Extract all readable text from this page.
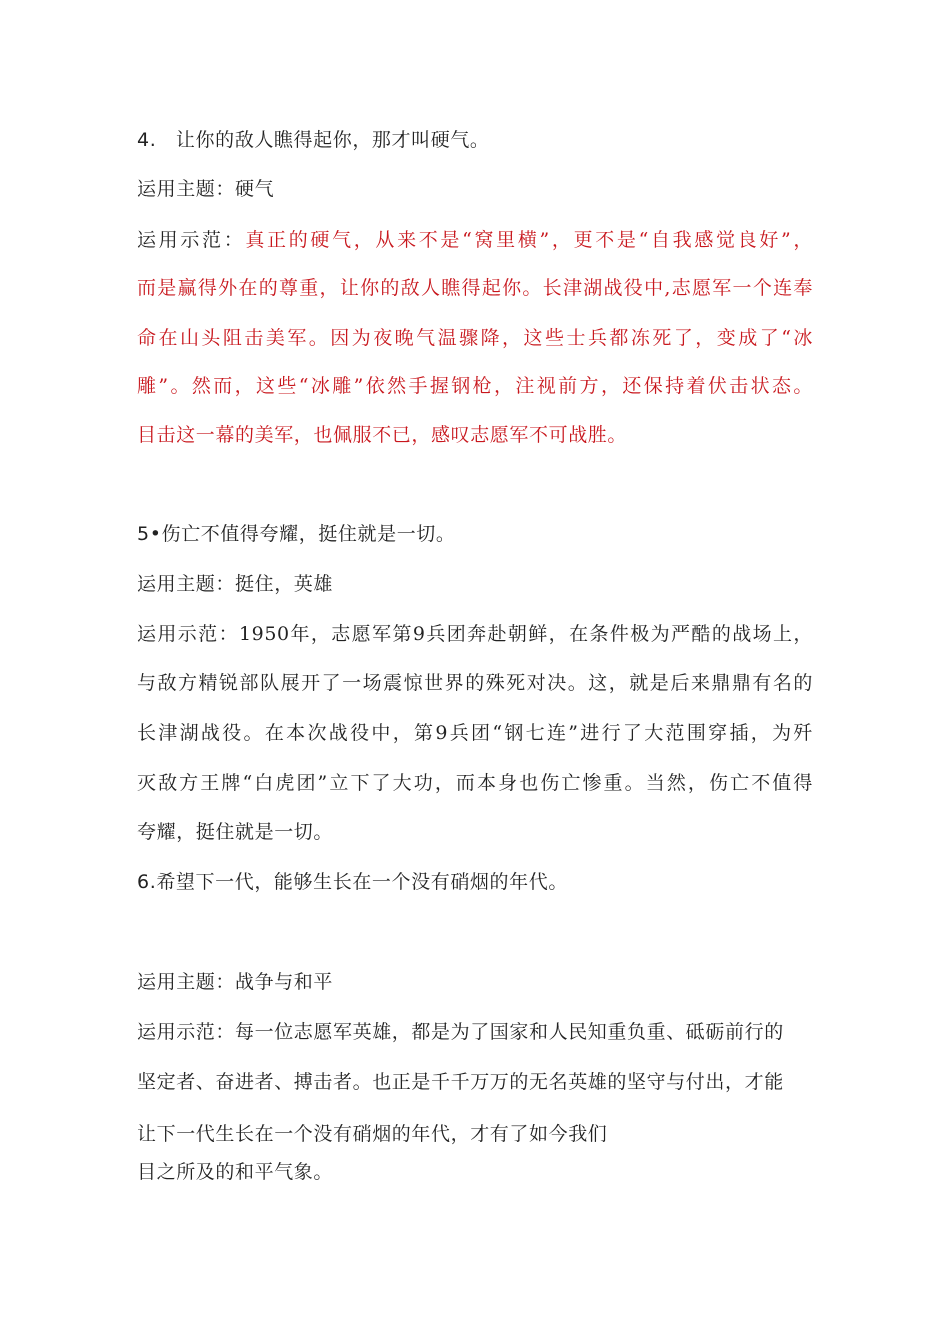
4.　让你的敌人瞧得起你，那才叫硬气。
运用主题：硬气
运用示范：真正的硬气，从来不是“窝里横”，更不是“自我感觉良好”，
而是赢得外在的尊重，让你的敌人瞧得起你。长津湖战役中,志愿军一个连奉
命在山头阻击美军。因为夜晚气温骤降，这些士兵都冻死了，变成了“冰
雕”。然而，这些“冰雕”依然手握钢枪，注视前方，还保持着伏击状态。
目击这一幕的美军，也佩服不已，感叹志愿军不可战胜。
5•伤亡不值得夸耀，挺住就是一切。
运用主题：挺住，英雄
运用示范：1950年，志愿军第9兵团奔赴朝鲜，在条件极为严酷的战场上，
与敌方精锐部队展开了一场震惊世界的殊死对决。这，就是后来鼎鼎有名的
长津湖战役。在本次战役中，第9兵团“钢七连”进行了大范围穿插，为歼
灭敌方王牌“白虎团”立下了大功，而本身也伤亡惨重。当然，伤亡不值得
夸耀，挺住就是一切。
6.希望下一代，能够生长在一个没有硝烟的年代。
运用主题：战争与和平
运用示范：每一位志愿军英雄，都是为了国家和人民知重负重、砥砺前行的
坚定者、奋进者、搏击者。也正是千千万万的无名英雄的坚守与付出，才能
让下一代生长在一个没有硝烟的年代，才有了如今我们
目之所及的和平气象。
